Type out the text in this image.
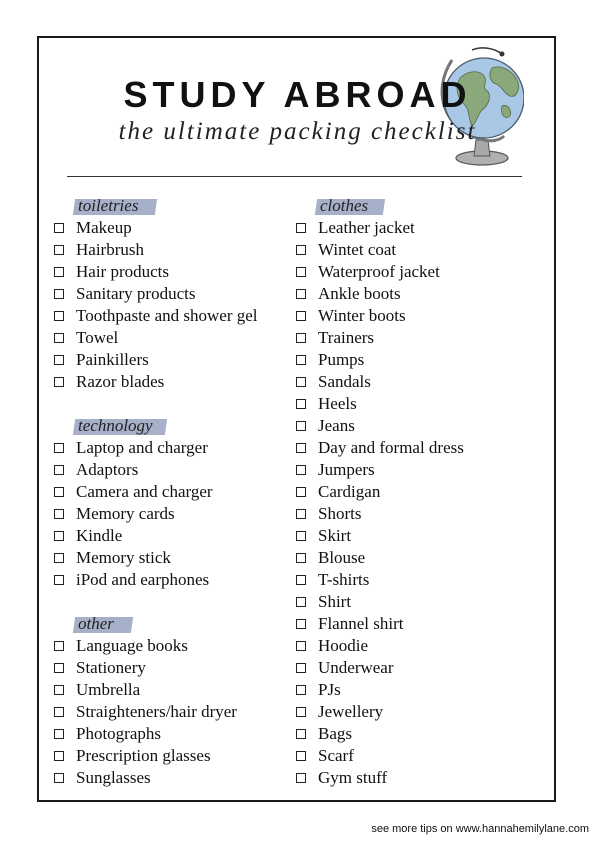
STUDY ABROAD
the ultimate packing checklist
toiletries
Makeup
Hairbrush
Hair products
Sanitary products
Toothpaste and shower gel
Towel
Painkillers
Razor blades
technology
Laptop and charger
Adaptors
Camera and charger
Memory cards
Kindle
Memory stick
iPod and earphones
other
Language books
Stationery
Umbrella
Straighteners/hair dryer
Photographs
Prescription glasses
Sunglasses
clothes
Leather jacket
Wintet coat
Waterproof jacket
Ankle boots
Winter boots
Trainers
Pumps
Sandals
Heels
Jeans
Day and formal dress
Jumpers
Cardigan
Shorts
Skirt
Blouse
T-shirts
Shirt
Flannel shirt
Hoodie
Underwear
PJs
Jewellery
Bags
Scarf
Gym stuff
see more tips on www.hannahemilylane.com
